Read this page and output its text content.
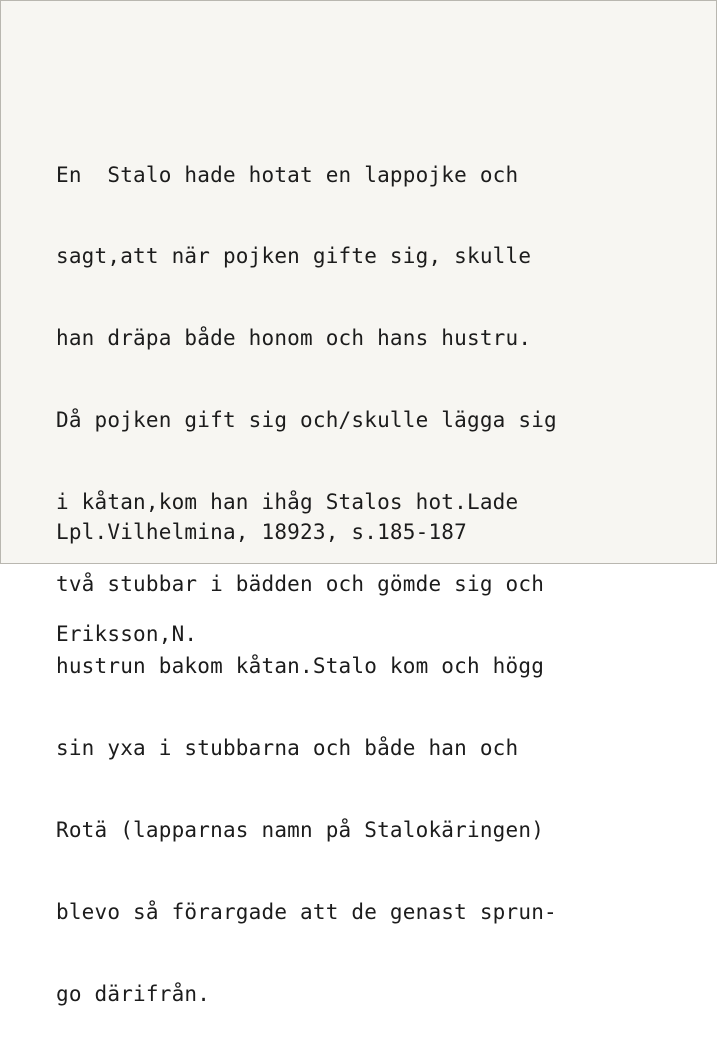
En  Stalo hade hotat en lappojke och

sagt,att när pojken gifte sig, skulle

han dräpa både honom och hans hustru.

Då pojken gift sig och/skulle lägga sig

i kåtan,kom han ihåg Stalos hot.Lade

två stubbar i bädden och gömde sig och

hustrun bakom kåtan.Stalo kom och högg

sin yxa i stubbarna och både han och

Rotä (lapparnas namn på Stalokäringen)

blevo så förargade att de genast sprun-

go därifrån.

Lpl.Vilhelmina, 18923, s.185-187

Eriksson,N.
